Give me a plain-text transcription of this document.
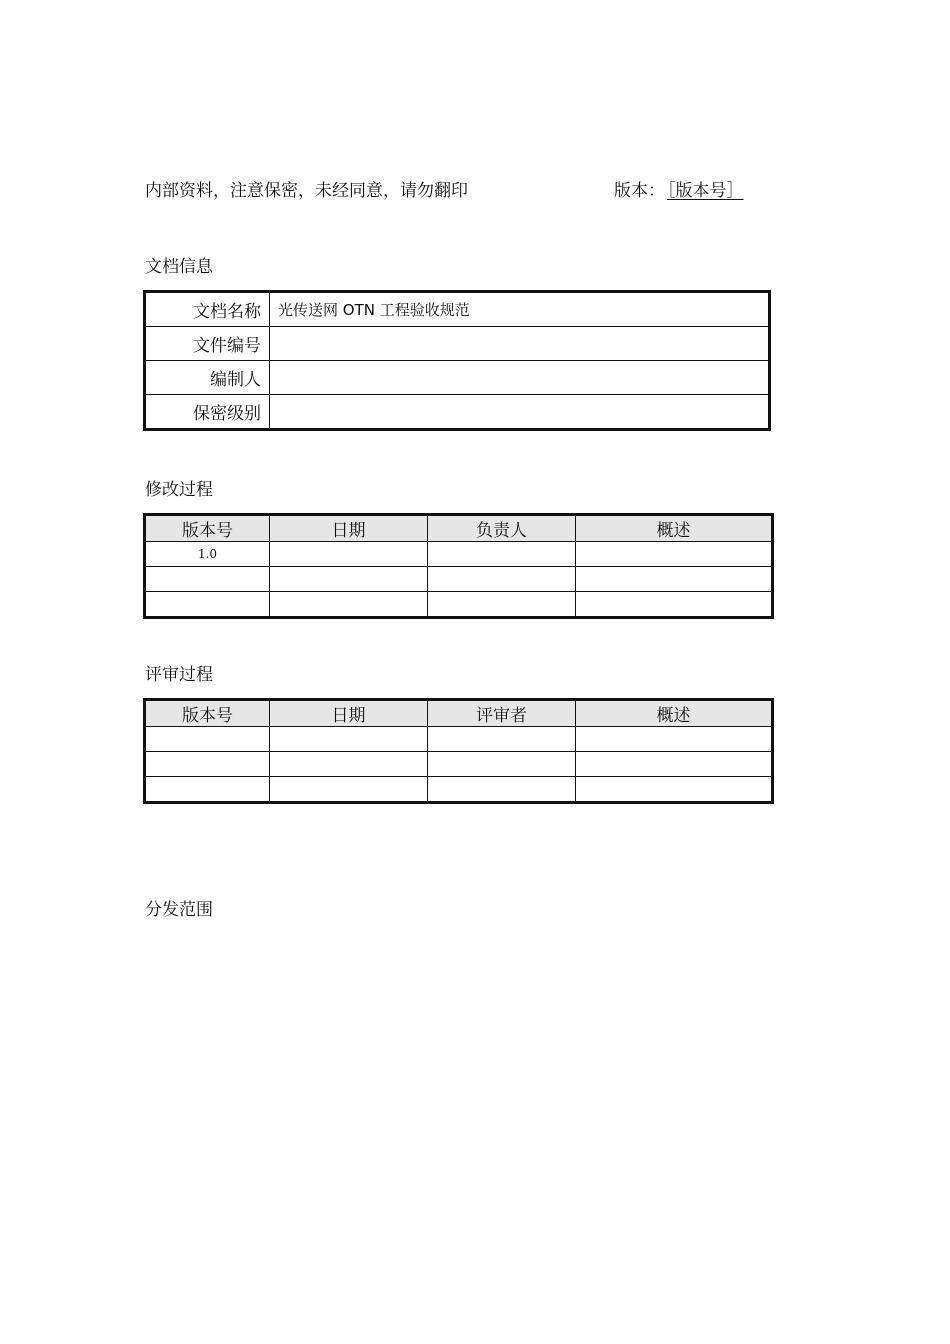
内部资料，注意保密，未经同意，请勿翻印	版本： ［版本号］
文档信息
文档名称	光传送网 OTN 工程验收规范
文件编号	
编制人	
保密级别	
修改过程
版本号	日期	负责人	概述
1.0			

评审过程
版本号	日期	评审者	概述

分发范围
